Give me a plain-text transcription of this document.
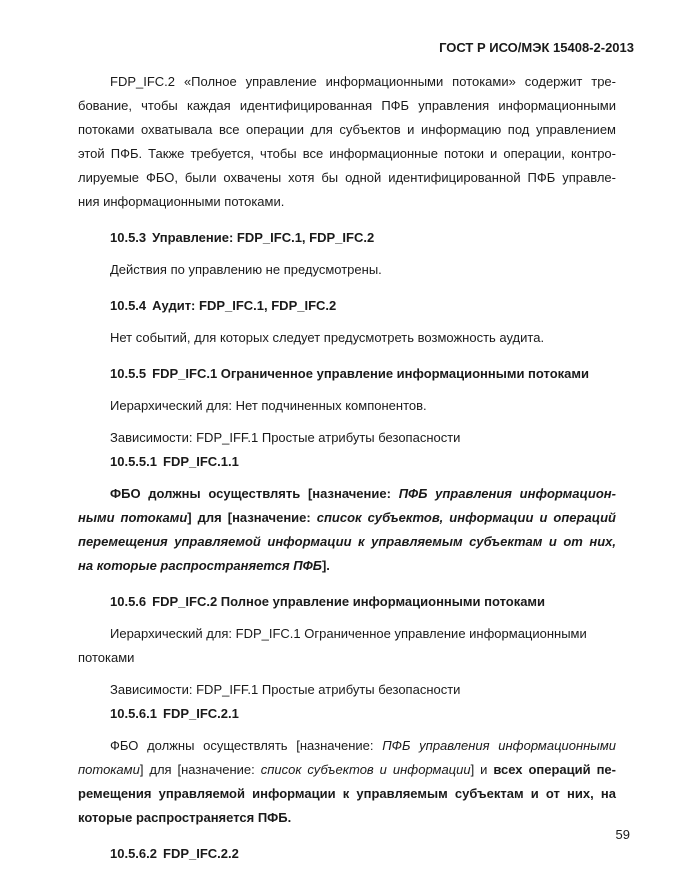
ГОСТ Р ИСО/МЭК 15408-2-2013

FDP_IFC.2 «Полное управление информационными потоками» содержит тре-

бование, чтобы каждая идентифицированная ПФБ управления информационными

потоками охватывала все операции для субъектов и информацию под управлением

этой ПФБ. Также требуется, чтобы все информационные потоки и операции, контро-

лируемые ФБО, были охвачены хотя бы одной идентифицированной ПФБ управле-

ния информационными потоками.

10.5.3 Управление: FDP_IFC.1, FDP_IFC.2

Действия по управлению не предусмотрены.

10.5.4 Аудит: FDP_IFC.1, FDP_IFC.2

Нет событий, для которых следует предусмотреть возможность аудита.

10.5.5 FDP_IFC.1 Ограниченное управление информационными потоками

Иерархический для: Нет подчиненных компонентов.

Зависимости: FDP_IFF.1 Простые атрибуты безопасности

10.5.5.1 FDP_IFC.1.1

ФБО должны осуществлять [назначение: ПФБ управления информацион-

ными потоками] для [назначение: список субъектов, информации и операций

перемещения управляемой информации к управляемым субъектам и от них,

на которые распространяется ПФБ].

10.5.6 FDP_IFC.2 Полное управление информационными потоками

Иерархический для: FDP_IFC.1 Ограниченное управление информационными

потоками

Зависимости: FDP_IFF.1 Простые атрибуты безопасности

10.5.6.1 FDP_IFC.2.1

ФБО должны осуществлять [назначение: ПФБ управления информационными

потоками] для [назначение: список субъектов и информации] и всех операций пе-

ремещения управляемой информации к управляемым субъектам и от них, на

которые распространяется ПФБ.

10.5.6.2 FDP_IFC.2.2

59
